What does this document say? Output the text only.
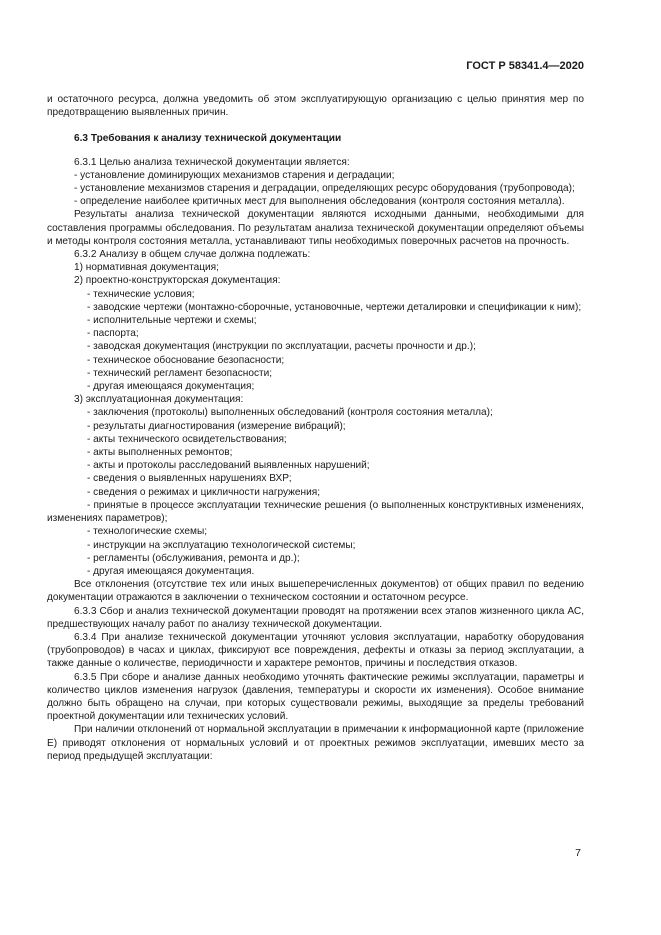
ГОСТ Р 58341.4—2020

и остаточного ресурса, должна уведомить об этом эксплуатирующую организацию с целью принятия мер по предотвращению выявленных причин.

6.3 Требования к анализу технической документации

6.3.1 Целью анализа технической документации является:

- установление доминирующих механизмов старения и деградации;

- установление механизмов старения и деградации, определяющих ресурс оборудования (трубопровода);

- определение наиболее критичных мест для выполнения обследования (контроля состояния металла).

Результаты анализа технической документации являются исходными данными, необходимыми для составления программы обследования. По результатам анализа технической документации определяют объемы и методы контроля состояния металла, устанавливают типы необходимых поверочных расчетов на прочность.

6.3.2 Анализу в общем случае должна подлежать:

1) нормативная документация;

2) проектно-конструкторская документация:

- технические условия;

- заводские чертежи (монтажно-сборочные, установочные, чертежи деталировки и спецификации к ним);

- исполнительные чертежи и схемы;

- паспорта;

- заводская документация (инструкции по эксплуатации, расчеты прочности и др.);

- техническое обоснование безопасности;

- технический регламент безопасности;

- другая имеющаяся документация;

3) эксплуатационная документация:

- заключения (протоколы) выполненных обследований (контроля состояния металла);

- результаты диагностирования (измерение вибраций);

- акты технического освидетельствования;

- акты выполненных ремонтов;

- акты и протоколы расследований выявленных нарушений;

- сведения о выявленных нарушениях ВХР;

- сведения о режимах и цикличности нагружения;

- принятые в процессе эксплуатации технические решения (о выполненных конструктивных изменениях, изменениях параметров);

- технологические схемы;

- инструкции на эксплуатацию технологической системы;

- регламенты (обслуживания, ремонта и др.);

- другая имеющаяся документация.

Все отклонения (отсутствие тех или иных вышеперечисленных документов) от общих правил по ведению документации отражаются в заключении о техническом состоянии и остаточном ресурсе.

6.3.3 Сбор и анализ технической документации проводят на протяжении всех этапов жизненного цикла АС, предшествующих началу работ по анализу технической документации.

6.3.4 При анализе технической документации уточняют условия эксплуатации, наработку оборудования (трубопроводов) в часах и циклах, фиксируют все повреждения, дефекты и отказы за период эксплуатации, а также данные о количестве, периодичности и характере ремонтов, причины и последствия отказов.

6.3.5 При сборе и анализе данных необходимо уточнять фактические режимы эксплуатации, параметры и количество циклов изменения нагрузок (давления, температуры и скорости их изменения). Особое внимание должно быть обращено на случаи, при которых существовали режимы, выходящие за пределы требований проектной документации или технических условий.

При наличии отклонений от нормальной эксплуатации в примечании к информационной карте (приложение Е) приводят отклонения от нормальных условий и от проектных режимов эксплуатации, имевших место за период предыдущей эксплуатации:

7
